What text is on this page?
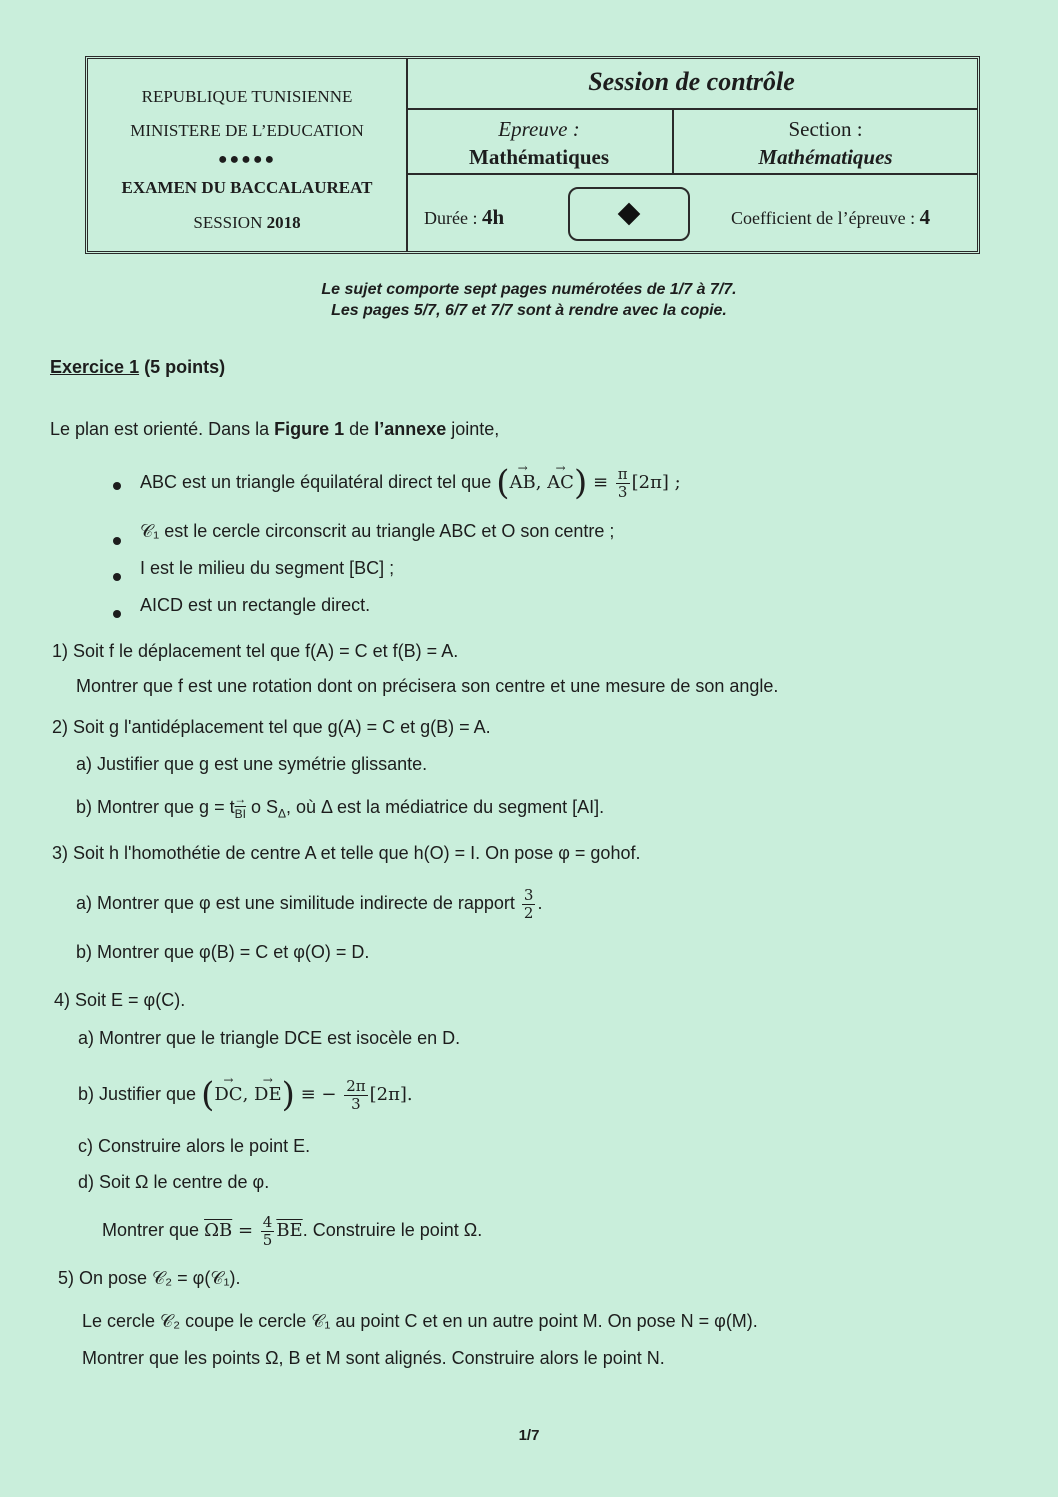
REPUBLIQUE TUNISIENNE
MINISTERE DE L’EDUCATION
●●●●●
EXAMEN DU BACCALAUREAT
SESSION 2018
Session de contrôle
Epreuve :
Mathématiques
Section :
Mathématiques
Durée : 4h	Coefficient de l’épreuve : 4
Le sujet comporte sept pages numérotées de 1/7 à 7/7.
Les pages 5/7, 6/7 et 7/7 sont à rendre avec la copie.
Exercice 1 (5 points)
Le plan est orienté. Dans la Figure 1 de l’annexe jointe,
ABC est un triangle équilatéral direct tel que (→ AB, → $AC) \equiv \frac{\pi}{3} [2\pi]$ ;
𝒞₁ est le cercle circonscrit au triangle ABC et O son centre ;
I est le milieu du segment [BC] ;
AICD est un rectangle direct.
1) Soit f le déplacement tel que f(A) = C et f(B) = A.
Montrer que f est une rotation dont on précisera son centre et une mesure de son angle.
2) Soit g l'antidéplacement tel que g(A) = C et g(B) = A.
a) Justifier que g est une symétrie glissante.
b) Montrer que g = t→ $_{\overline{BI}}$ o $S_\Delta$, où Δ est la médiatrice du segment [AI].
3) Soit h l'homothétie de centre A et telle que h(O) = I. On pose φ = gohof.
a) Montrer que φ est une similitude indirecte de rapport $\frac{3}{2}$ .
b) Montrer que φ(B) = C et φ(O) = D.
4) Soit E = φ(C).
a) Montrer que le triangle DCE est isocèle en D.
b) Justifier que (→ DC, → DE) ≡ − $\frac{2\pi}{3} [2\pi]$.
c) Construire alors le point E.
d) Soit Ω le centre de φ.
Montrer que $\overline{\Omega B} = \frac{4}{5} \overline{BE}$. Construire le point Ω.
5) On pose 𝒞₂ = φ(𝒞₁).
Le cercle 𝒞₂ coupe le cercle 𝒞₁ au point C et en un autre point M. On pose N = φ(M).
Montrer que les points Ω, B et M sont alignés. Construire alors le point N.
1/7
